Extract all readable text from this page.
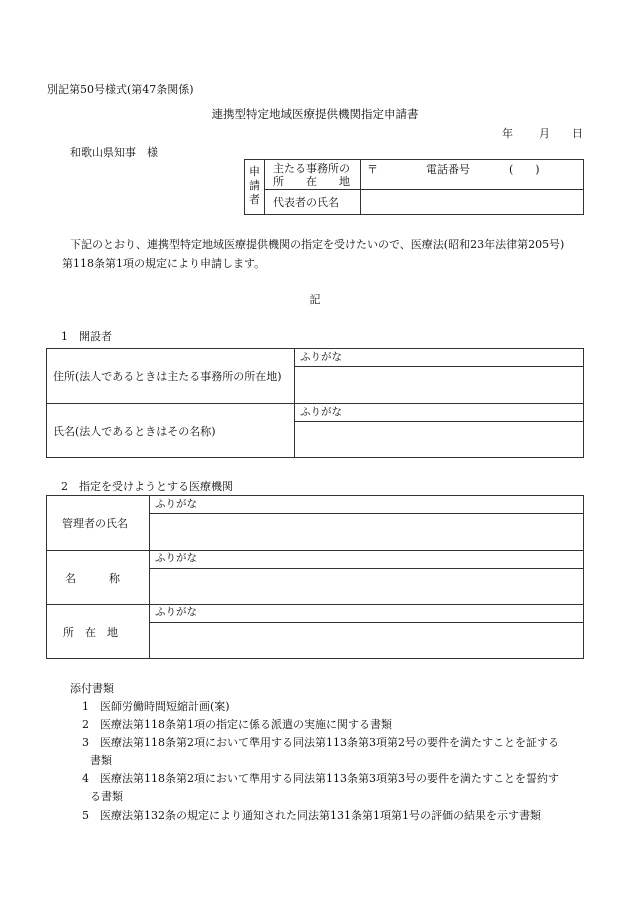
別記第50号様式(第47条関係)
連携型特定地域医療提供機関指定申請書
年 月 日
和歌山県知事　様
申
請
者
主たる事務所の
所　　在　　地
〒	電話番号	(　　)
代表者の氏名
下記のとおり、連携型特定地域医療提供機関の指定を受けたいので、医療法(昭和23年法律第205号)
第118条第1項の規定により申請します。
記
1　開設者
住所(法人であるときは主たる事務所の所在地)
ふりがな
氏名(法人であるときはその名称)
ふりがな
2　指定を受けようとする医療機関
管理者の氏名
ふりがな
名　　　称
ふりがな
所　在　地
ふりがな
添付書類
1　医師労働時間短縮計画(案)
2　医療法第118条第1項の指定に係る派遣の実施に関する書類
3　医療法第118条第2項において準用する同法第113条第3項第2号の要件を満たすことを証する
書類
4　医療法第118条第2項において準用する同法第113条第3項第3号の要件を満たすことを誓約す
る書類
5　医療法第132条の規定により通知された同法第131条第1項第1号の評価の結果を示す書類
